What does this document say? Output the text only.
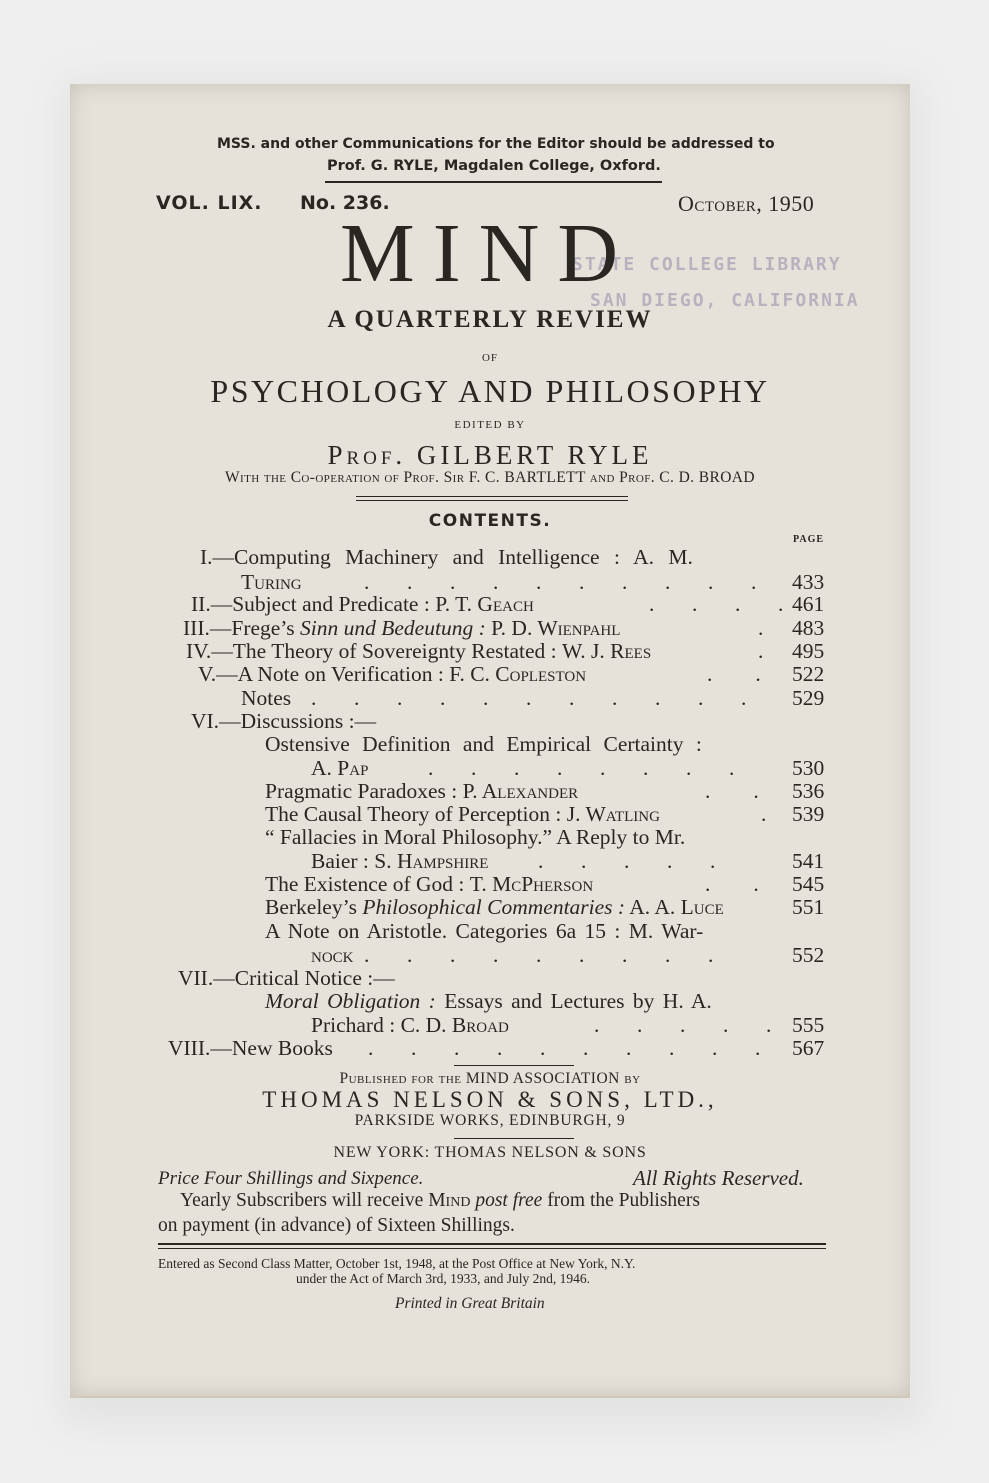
MSS. and other Communications for the Editor should be addressed to
Prof. G. RYLE, Magdalen College, Oxford.
VOL. LIX. No. 236.	October, 1950
STATE COLLEGE LIBRARY
SAN DIEGO, CALIFORNIA
MIND
A QUARTERLY REVIEW
OF
PSYCHOLOGY AND PHILOSOPHY
EDITED BY
Prof. GILBERT RYLE
With the Co-operation of Prof. Sir F. C. BARTLETT and Prof. C. D. BROAD
CONTENTS.
PAGE
I.—Computing Machinery and Intelligence : A. M.
Turing	.       .       .       .       .       .       .       .       .       . 433
II.—Subject and Predicate : P. T. Geach	.       .       .       . 461
III.—Frege’s Sinn und Bedeutung : P. D. Wienpahl	. 483
IV.—The Theory of Sovereignty Restated : W. J. Rees	. 495
V.—A Note on Verification : F. C. Copleston	.        . 522
Notes .       .       .       .       .       .       .       .       .       .       . 529
VI.—Discussions :—
Ostensive Definition and Empirical Certainty :
A. Pap	.       .       .       .       .       .       .       .	530
Pragmatic Paradoxes : P. Alexander	.        . 536
The Causal Theory of Perception : J. Watling	. 539
“ Fallacies in Moral Philosophy.” A Reply to Mr.
Baier : S. Hampshire .       .       .       .       .	541
The Existence of God : T. McPherson	.        . 545
Berkeley’s Philosophical Commentaries : A. A. Luce	551
A Note on Aristotle. Categories 6a 15 : M. War-
nock .       .       .       .       .       .       .       .       .	552
VII.—Critical Notice :—
Moral Obligation : Essays and Lectures by H. A.
Prichard : C. D. Broad	.       .       .       .       . 555
VIII.—New Books .       .       .       .       .       .       .       .       .       . 567
Published for the MIND ASSOCIATION by
THOMAS NELSON & SONS, LTD.,
PARKSIDE WORKS, EDINBURGH, 9
NEW YORK: THOMAS NELSON & SONS
Price Four Shillings and Sixpence.	All Rights Reserved.
Yearly Subscribers will receive Mind post free from the Publishers
on payment (in advance) of Sixteen Shillings.
Entered as Second Class Matter, October 1st, 1948, at the Post Office at New York, N.Y.
under the Act of March 3rd, 1933, and July 2nd, 1946.
Printed in Great Britain
